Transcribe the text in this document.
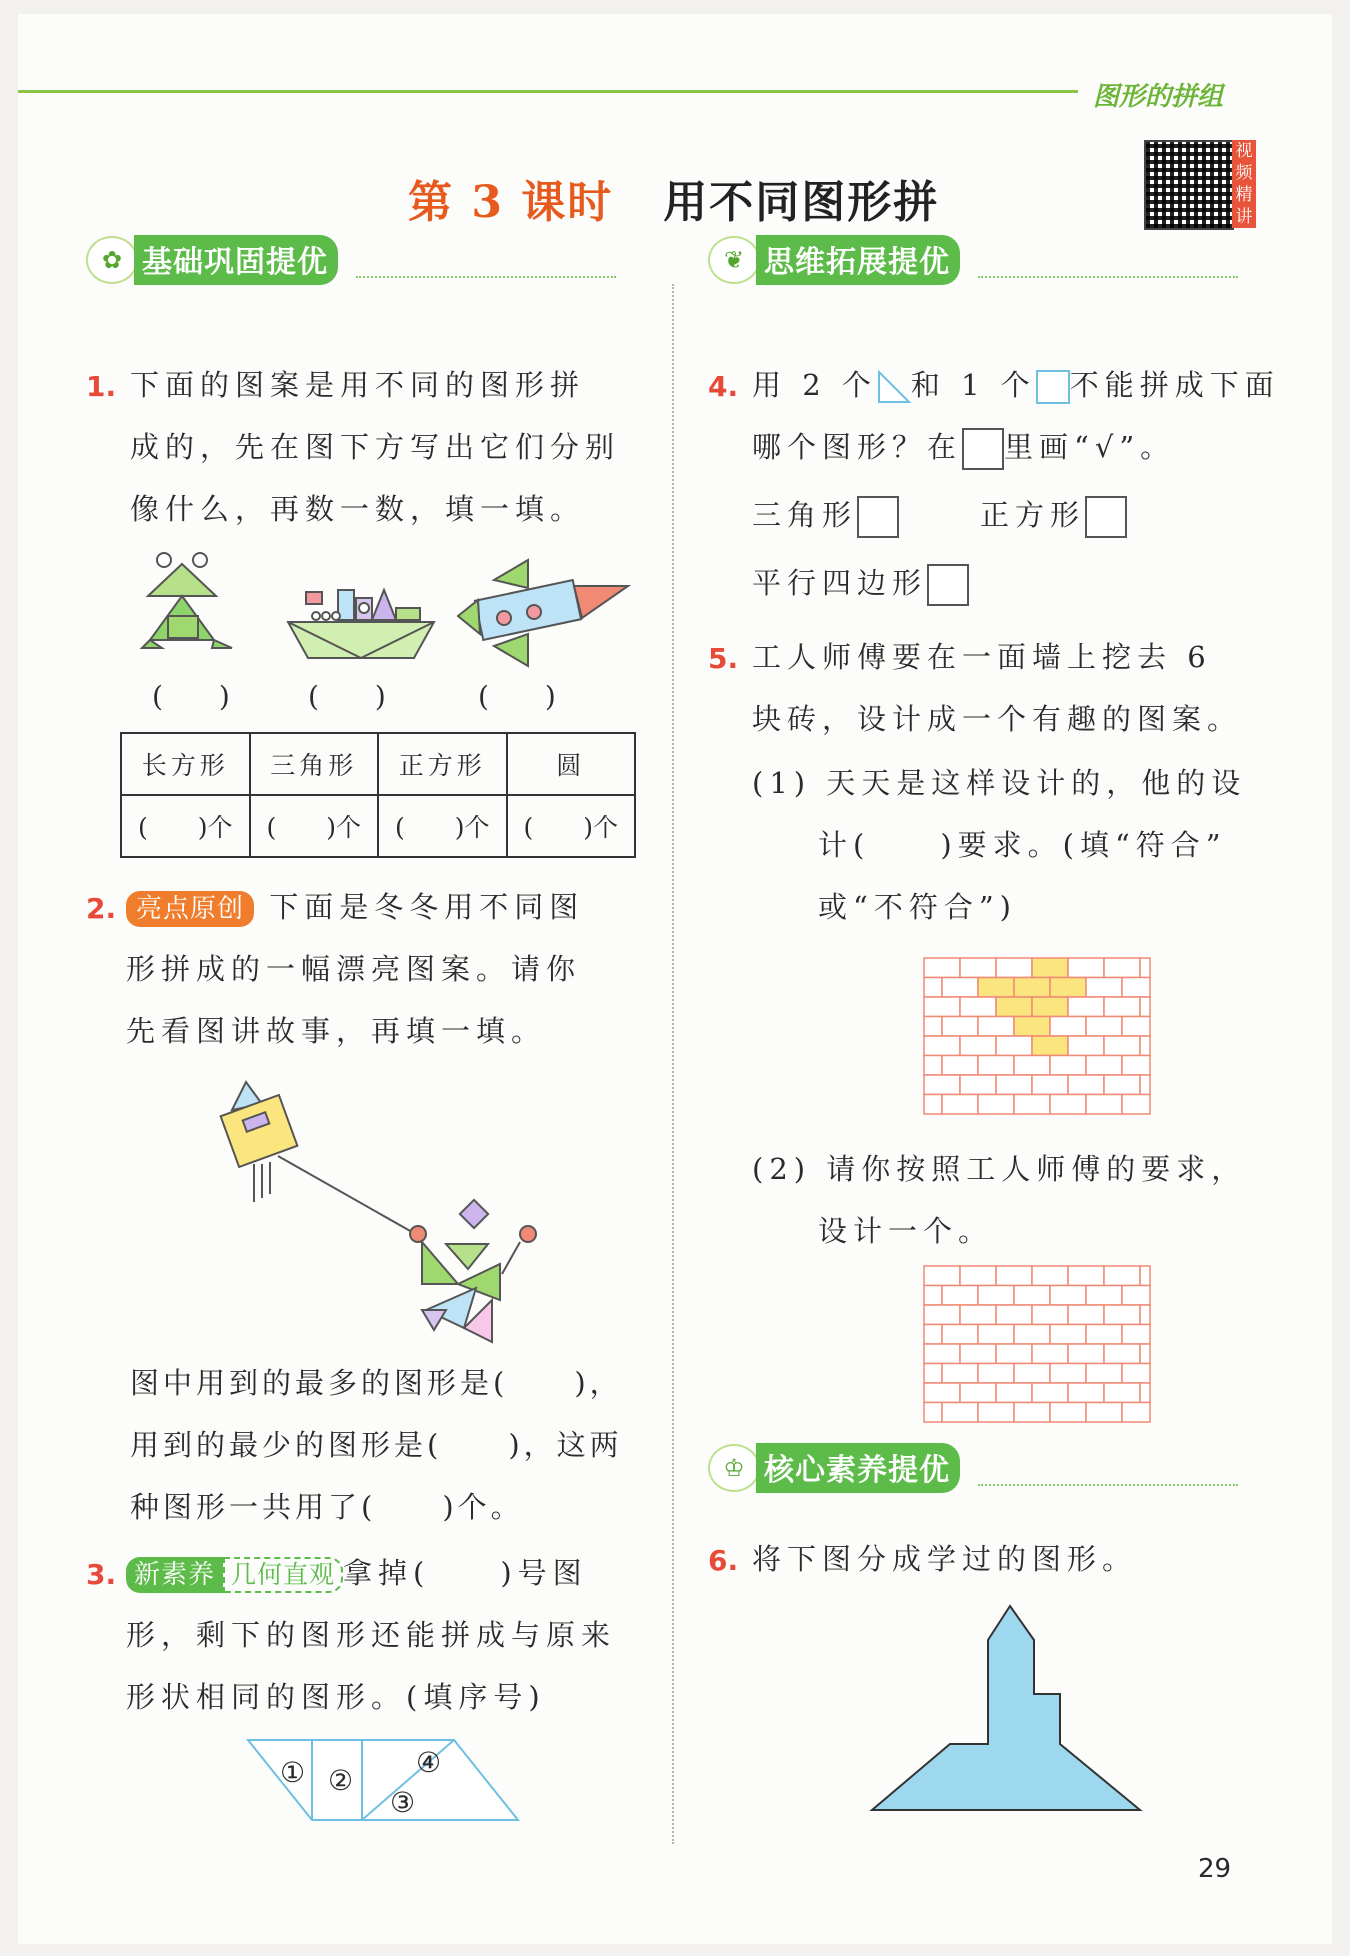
图形的拼组
第 3 课时 用不同图形拼
视频精讲
✿ 基础巩固提优
1. 下面的图案是用不同的图形拼
成的，先在图下方写出它们分别
像什么，再数一数，填一填。
(　　)	(　　)	(　　)
长方形	三角形	正方形	圆
(　　)个	(　　)个	(　　)个	(　　)个
2. 亮点原创 下面是冬冬用不同图
形拼成的一幅漂亮图案。请你
先看图讲故事，再填一填。
图中用到的最多的图形是(　　)，
用到的最少的图形是(　　)，这两
种图形一共用了(　　)个。
3. 新素养 几何直观 拿掉(　　)号图
形，剩下的图形还能拼成与原来
形状相同的图形。(填序号)
① ②
③
④
❦ 思维拓展提优
4. 用 2 个 和 1 个 不能拼成下面
哪个图形？在 里画“√”。
三角形	正方形
平行四边形
5. 工人师傅要在一面墙上挖去 6
块砖，设计成一个有趣的图案。
(1) 天天是这样设计的，他的设
计(　　)要求。(填“符合”
或“不符合”)
(2) 请你按照工人师傅的要求，
设计一个。
♔ 核心素养提优
6. 将下图分成学过的图形。
29
